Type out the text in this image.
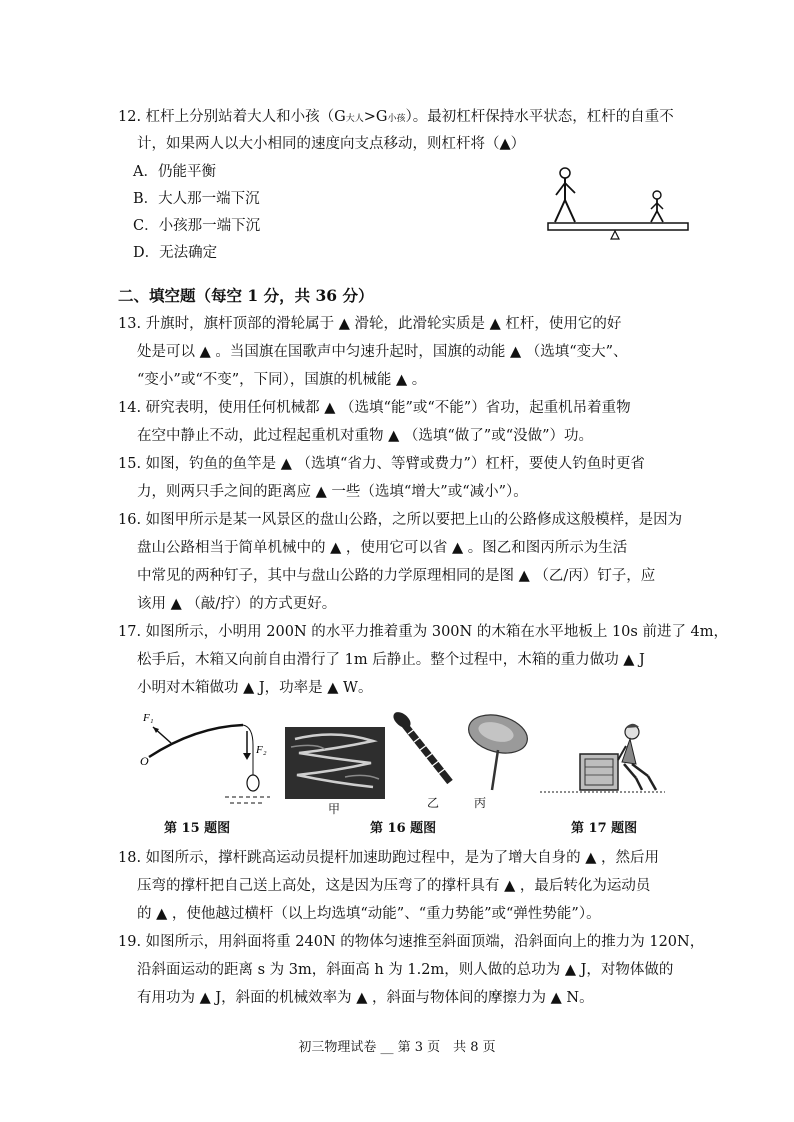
12. 杠杆上分别站着大人和小孩（G大人>G小孩）。最初杠杆保持水平状态，杠杆的自重不
计，如果两人以大小相同的速度向支点移动，则杠杆将（▲）
A．仍能平衡
B．大人那一端下沉
C．小孩那一端下沉
D．无法确定
二、填空题（每空 1 分，共 36 分）
13. 升旗时，旗杆顶部的滑轮属于 ▲ 滑轮，此滑轮实质是 ▲ 杠杆，使用它的好
处是可以 ▲ 。当国旗在国歌声中匀速升起时，国旗的动能 ▲ （选填“变大”、
“变小”或“不变”，下同），国旗的机械能 ▲ 。
14. 研究表明，使用任何机械都 ▲ （选填“能”或“不能”）省功，起重机吊着重物
在空中静止不动，此过程起重机对重物 ▲ （选填“做了”或“没做”）功。
15. 如图，钓鱼的鱼竿是 ▲ （选填“省力、等臂或费力”）杠杆，要使人钓鱼时更省
力，则两只手之间的距离应 ▲ 一些（选填“增大”或“减小”）。
16. 如图甲所示是某一风景区的盘山公路，之所以要把上山的公路修成这般模样，是因为
盘山公路相当于简单机械中的 ▲ ，使用它可以省 ▲ 。图乙和图丙所示为生活
中常见的两种钉子，其中与盘山公路的力学原理相同的是图 ▲ （乙/丙）钉子，应
该用 ▲ （敲/拧）的方式更好。
17. 如图所示，小明用 200N 的水平力推着重为 300N 的木箱在水平地板上 10s 前进了 4m，
松手后，木箱又向前自由滑行了 1m 后静止。整个过程中，木箱的重力做功 ▲ J
小明对木箱做功 ▲ J，功率是 ▲ W。
F₁
O
F₂
甲	乙	丙
第 15 题图	第 16 题图	第 17 题图
18. 如图所示，撑杆跳高运动员提杆加速助跑过程中，是为了增大自身的 ▲ ，然后用
压弯的撑杆把自己送上高处，这是因为压弯了的撑杆具有 ▲ ，最后转化为运动员
的 ▲ ，使他越过横杆（以上均选填“动能”、“重力势能”或“弹性势能”）。
19. 如图所示，用斜面将重 240N 的物体匀速推至斜面顶端，沿斜面向上的推力为 120N，
沿斜面运动的距离 s 为 3m，斜面高 h 为 1.2m，则人做的总功为 ▲ J，对物体做的
有用功为 ▲ J，斜面的机械效率为 ▲ ，斜面与物体间的摩擦力为 ▲ N。
初三物理试卷 __ 第 3 页　共 8 页
